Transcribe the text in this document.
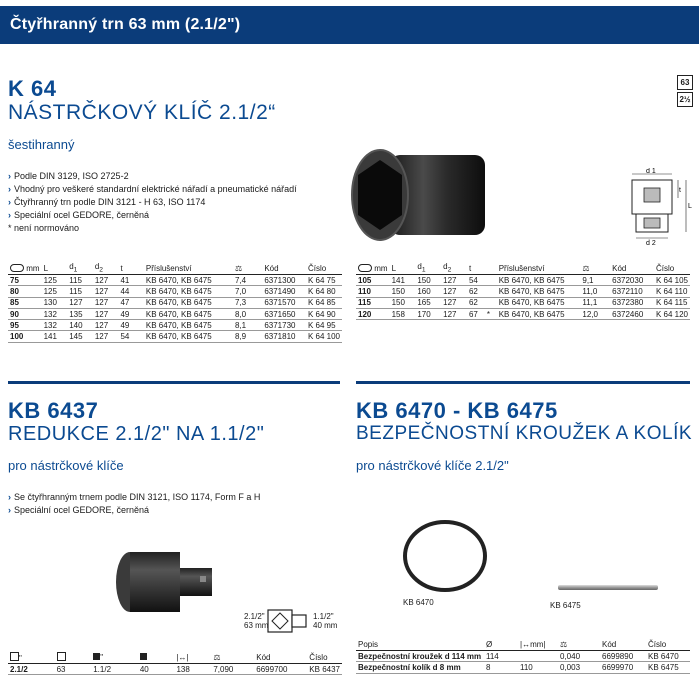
Čtyřhranný trn 63 mm (2.1/2")
63
2½
K 64
NÁSTRČKOVÝ KLÍČ 2.1/2“
šestihranný
› Podle DIN 3129, ISO 2725-2
› Vhodný pro veškeré standardní elektrické nářadí a pneumatické nářadí
› Čtyřhranný trn podle DIN 3121 - H 63, ISO 1174
› Speciální ocel GEDORE, černěná
* není normováno
d 1
d 2
t
L
mm	L	$d_1$	$d_2$	t	Příslušenství	⚖	Kód	Číslo
75	125	115	127	41	KB 6470, KB 6475	7,4	6371300	K 64 75
80	125	115	127	44	KB 6470, KB 6475	7,0	6371490	K 64 80
85	130	127	127	47	KB 6470, KB 6475	7,3	6371570	K 64 85
90	132	135	127	49	KB 6470, KB 6475	8,0	6371650	K 64 90
95	132	140	127	49	KB 6470, KB 6475	8,1	6371730	K 64 95
100	141	145	127	54	KB 6470, KB 6475	8,9	6371810	K 64 100
mm	L	$d_1$	$d_2$	t		Příslušenství	⚖	Kód	Číslo
105	141	150	127	54		KB 6470, KB 6475	9,1	6372030	K 64 105
110	150	160	127	62		KB 6470, KB 6475	11,0	6372110	K 64 110
115	150	165	127	62		KB 6470, KB 6475	11,1	6372380	K 64 115
120	158	170	127	67	*	KB 6470, KB 6475	12,0	6372460	K 64 120
KB 6437
REDUKCE 2.1/2" NA 1.1/2"
pro nástrčkové klíče
› Se čtyřhranným trnem podle DIN 3121, ISO 1174, Form F a H
› Speciální ocel GEDORE, černěná
2.1/2"
63 mm
1.1/2"
40 mm
"		"		|↔|	⚖	Kód	Číslo
2.1/2	63	1.1/2	40	138	7,090	6699700	KB 6437
KB 6470 - KB 6475
BEZPEČNOSTNÍ KROUŽEK A KOLÍK
pro nástrčkové klíče 2.1/2"
KB 6470	KB 6475
Popis	Ø	|↔mm|	⚖	Kód	Číslo
Bezpečnostní kroužek d 114 mm	114		0,040	6699890	KB 6470
Bezpečnostní kolík d 8 mm	8	110	0,003	6699970	KB 6475
